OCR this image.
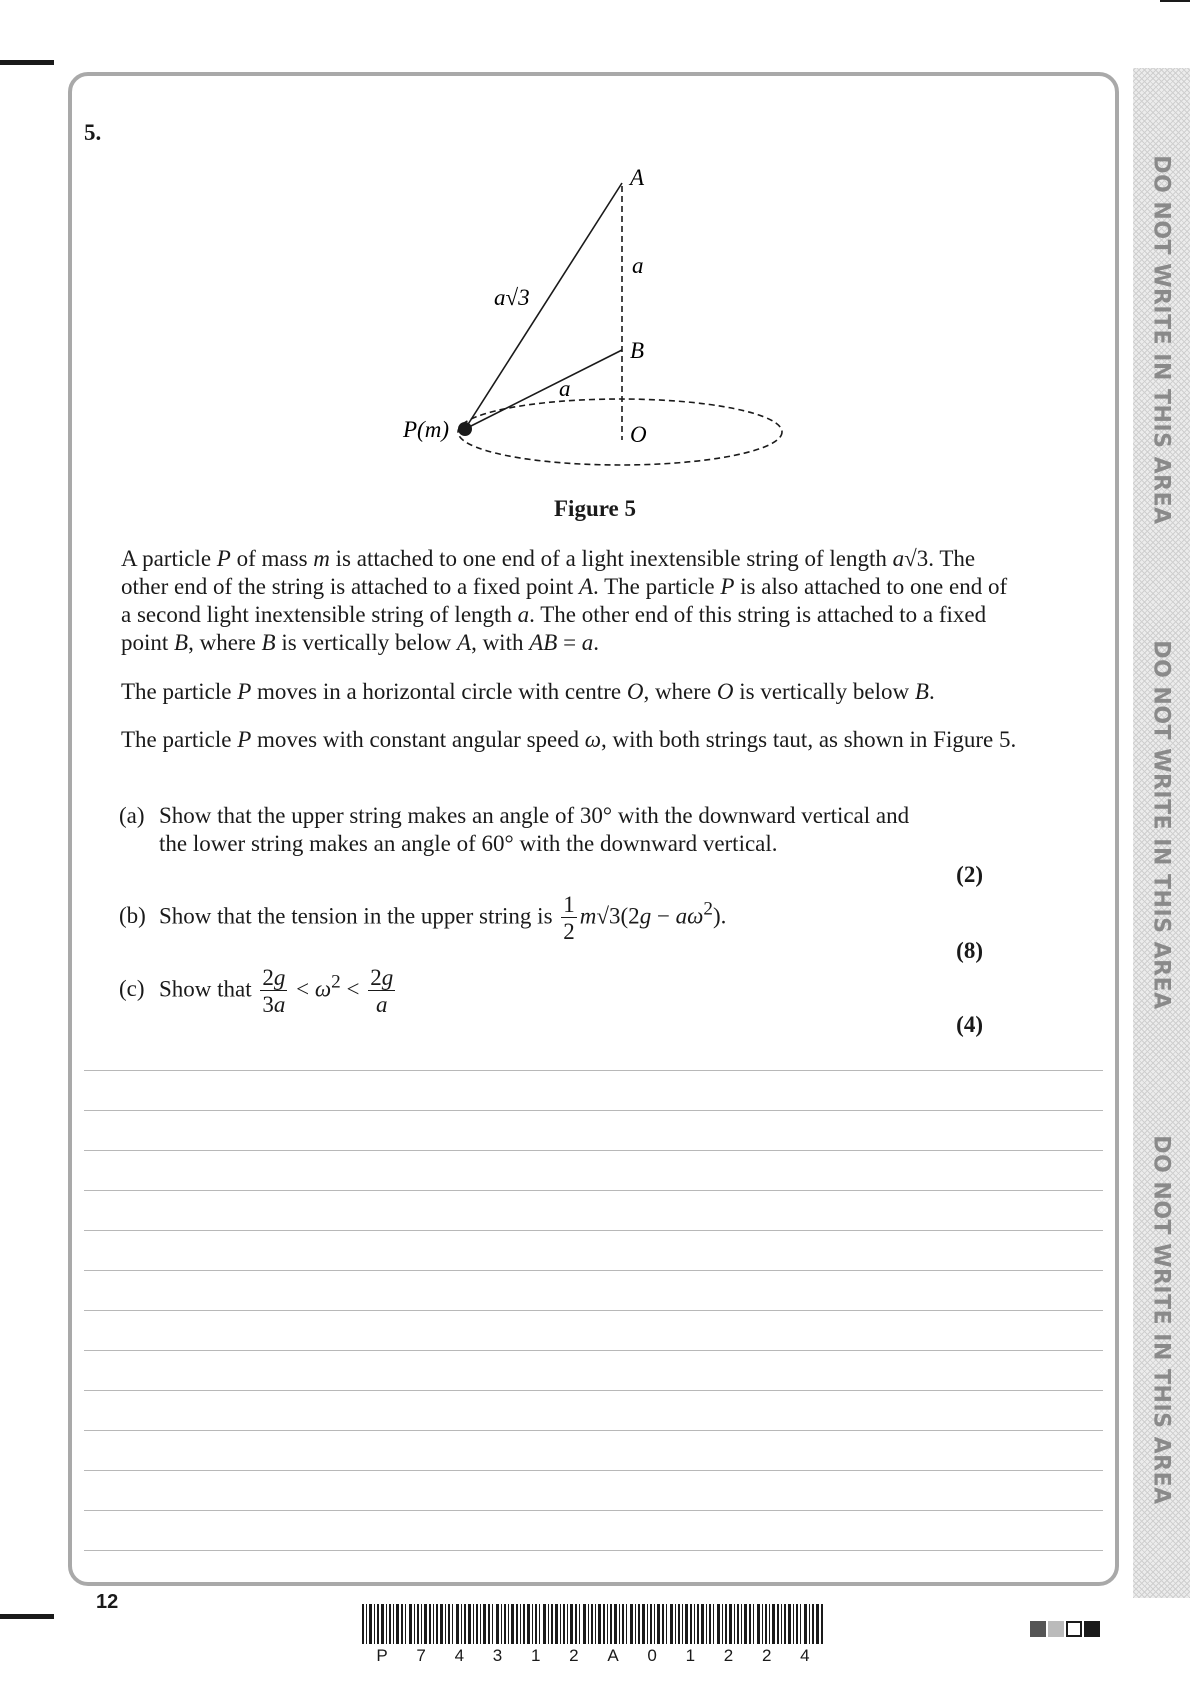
DO NOT WRITE IN THIS AREA
DO NOT WRITE IN THIS AREA
DO NOT WRITE IN THIS AREA
5.
A
a
a√3
B
a
O
P(m)
Figure 5
A particle P of mass m is attached to one end of a light inextensible string of length a√3. The other end of the string is attached to a fixed point A. The particle P is also attached to one end of a second light inextensible string of length a. The other end of this string is attached to a fixed point B, where B is vertically below A, with AB = a.
The particle P moves in a horizontal circle with centre O, where O is vertically below B.
The particle P moves with constant angular speed ω, with both strings taut, as shown in Figure 5.
(a) Show that the upper string makes an angle of 30° with the downward vertical and
the lower string makes an angle of 60° with the downward vertical.
(2)
(b) Show that the tension in the upper string is $\frac{1}{2} m√3(2g - a\omega^2)$.
(8)
(c) Show that $\frac{2g}{3a} < \omega^2 < \frac{2g}{a}$
(4)
12
P 7 4 3 1 2 A 0 1 2 2 4
